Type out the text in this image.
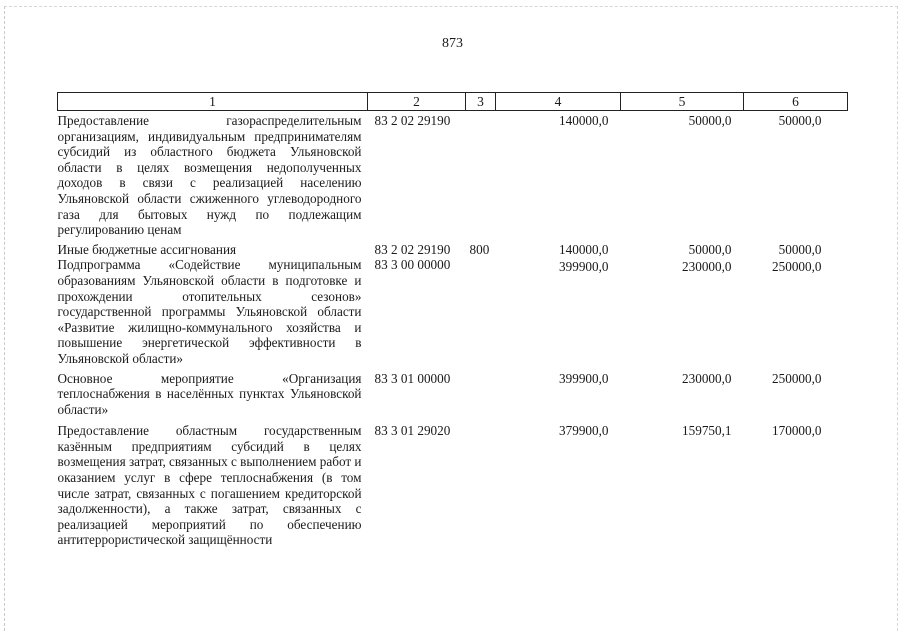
873
1	2	3	4	5	6
Предоставление газораспределительным организациям, индивидуальным предпринимателям субсидий из областного бюджета Ульяновской области в целях возмещения недополученных доходов в связи с реализацией населению Ульяновской области сжиженного углеводородного газа для бытовых нужд по подлежащим регулированию ценам	83 2 02 29190		140000,0	50000,0	50000,0
Иные бюджетные ассигнования	83 2 02 29190	800	140000,0	50000,0	50000,0
Подпрограмма «Содействие муниципальным образованиям Ульяновской области в подготовке и прохождении отопительных сезонов» государственной программы Ульяновской области «Развитие жилищно-коммунального хозяйства и повышение энергетической эффективности в Ульяновской области»	83 3 00 00000		399900,0	230000,0	250000,0
Основное мероприятие «Организация теплоснабжения в населённых пунктах Ульяновской области»	83 3 01 00000		399900,0	230000,0	250000,0
Предоставление областным государственным казённым предприятиям субсидий в целях возмещения затрат, связанных с выполнением работ и оказанием услуг в сфере теплоснабжения (в том числе затрат, связанных с погашением кредиторской задолженности), а также затрат, связанных с реализацией мероприятий по обеспечению антитеррористической защищённости	83 3 01 29020		379900,0	159750,1	170000,0
